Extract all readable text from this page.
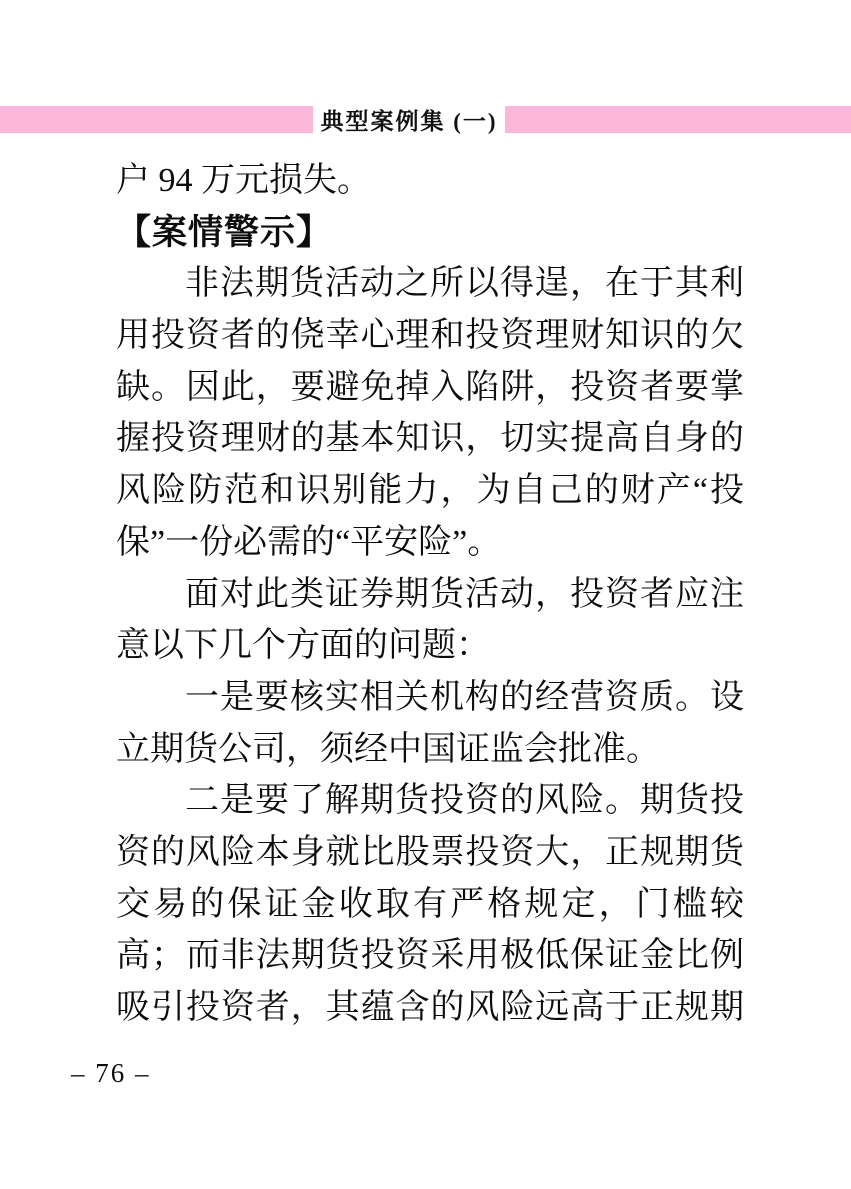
典型案例集 (一)
户 94 万元损失。
【案情警示】
非法期货活动之所以得逞，在于其利
用投资者的侥幸心理和投资理财知识的欠
缺。因此，要避免掉入陷阱，投资者要掌
握投资理财的基本知识，切实提高自身的
风险防范和识别能力，为自己的财产“投
保”一份必需的“平安险”。
面对此类证券期货活动，投资者应注
意以下几个方面的问题：
一是要核实相关机构的经营资质。设
立期货公司，须经中国证监会批准。
二是要了解期货投资的风险。期货投
资的风险本身就比股票投资大，正规期货
交易的保证金收取有严格规定，门槛较
高；而非法期货投资采用极低保证金比例
吸引投资者，其蕴含的风险远高于正规期
– 76 –
